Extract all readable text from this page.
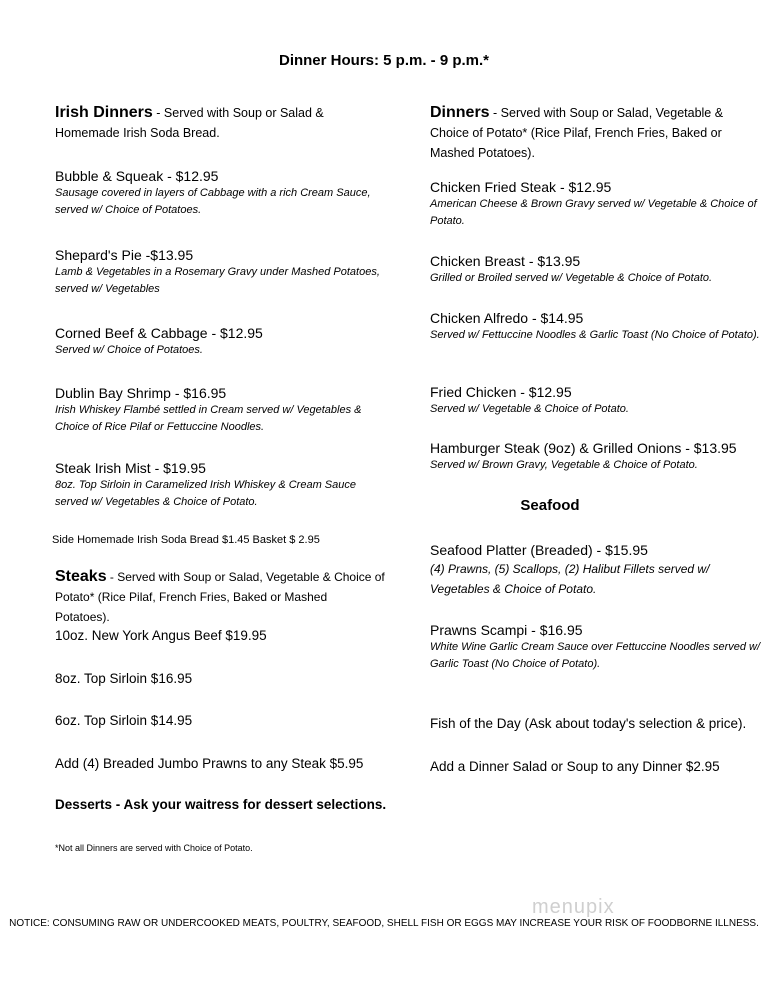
Dinner Hours: 5 p.m. - 9 p.m.*
Irish Dinners - Served with Soup or Salad & Homemade Irish Soda Bread.
Bubble & Squeak - $12.95
Sausage covered in layers of Cabbage with a rich Cream Sauce, served w/ Choice of Potatoes.
Shepard's Pie -$13.95
Lamb & Vegetables in a Rosemary Gravy under Mashed Potatoes, served w/ Vegetables
Corned Beef & Cabbage - $12.95
Served w/ Choice of Potatoes.
Dublin Bay Shrimp - $16.95
Irish Whiskey Flambé settled in Cream served w/ Vegetables & Choice of Rice Pilaf or Fettuccine Noodles.
Steak Irish Mist - $19.95
8oz. Top Sirloin in Caramelized Irish Whiskey & Cream Sauce served w/ Vegetables & Choice of Potato.
Side Homemade Irish Soda Bread $1.45 Basket $ 2.95
Steaks - Served with Soup or Salad, Vegetable & Choice of Potato* (Rice Pilaf, French Fries, Baked or Mashed Potatoes).
10oz. New York Angus Beef $19.95
8oz. Top Sirloin $16.95
6oz. Top Sirloin $14.95
Add (4) Breaded Jumbo Prawns to any Steak $5.95
Desserts - Ask your waitress for dessert selections.
*Not all Dinners are served with Choice of Potato.
Dinners - Served with Soup or Salad, Vegetable & Choice of Potato* (Rice Pilaf, French Fries, Baked or Mashed Potatoes).
Chicken Fried Steak - $12.95
American Cheese & Brown Gravy served w/ Vegetable & Choice of Potato.
Chicken Breast - $13.95
Grilled or Broiled served w/ Vegetable & Choice of Potato.
Chicken Alfredo - $14.95
Served w/ Fettuccine Noodles & Garlic Toast (No Choice of Potato).
Fried Chicken - $12.95
Served w/ Vegetable & Choice of Potato.
Hamburger Steak (9oz) & Grilled Onions - $13.95
Served w/ Brown Gravy, Vegetable & Choice of Potato.
Seafood
Seafood Platter (Breaded) - $15.95
(4) Prawns, (5) Scallops, (2) Halibut Fillets served w/ Vegetables & Choice of Potato.
Prawns Scampi - $16.95
White Wine Garlic Cream Sauce over Fettuccine Noodles served w/ Garlic Toast (No Choice of Potato).
Fish of the Day (Ask about today's selection & price).
Add a Dinner Salad or Soup to any Dinner $2.95
menupix
NOTICE: CONSUMING RAW OR UNDERCOOKED MEATS, POULTRY, SEAFOOD, SHELL FISH OR EGGS MAY INCREASE YOUR RISK OF FOODBORNE ILLNESS.
